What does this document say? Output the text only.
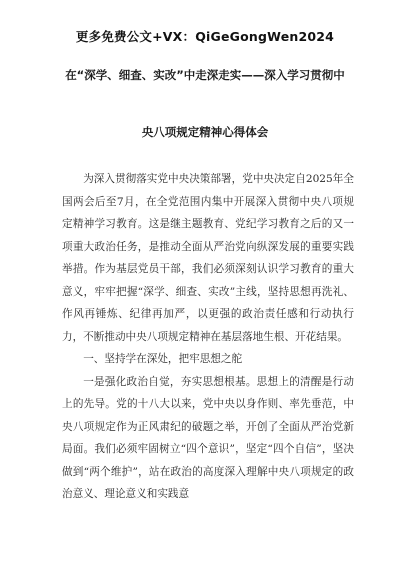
更多免费公文+VX：QiGeGongWen2024
在“深学、细查、实改”中走深走实——深入学习贯彻中
央八项规定精神心得体会

为深入贯彻落实党中央决策部署，党中央决定自2025年全国两会后至7月，在全党范围内集中开展深入贯彻中央八项规定精神学习教育。这是继主题教育、党纪学习教育之后的又一项重大政治任务，是推动全面从严治党向纵深发展的重要实践举措。作为基层党员干部，我们必须深刻认识学习教育的重大意义，牢牢把握“深学、细查、实改”主线，坚持思想再洗礼、作风再锤炼、纪律再加严，以更强的政治责任感和行动执行力，不断推动中央八项规定精神在基层落地生根、开花结果。

一、坚持学在深处，把牢思想之舵

一是强化政治自觉，夯实思想根基。思想上的清醒是行动上的先导。党的十八大以来，党中央以身作则、率先垂范，中央八项规定作为正风肃纪的破题之举，开创了全面从严治党新局面。我们必须牢固树立“四个意识”，坚定“四个自信”，坚决做到“两个维护”，站在政治的高度深入理解中央八项规定的政治意义、理论意义和实践意
